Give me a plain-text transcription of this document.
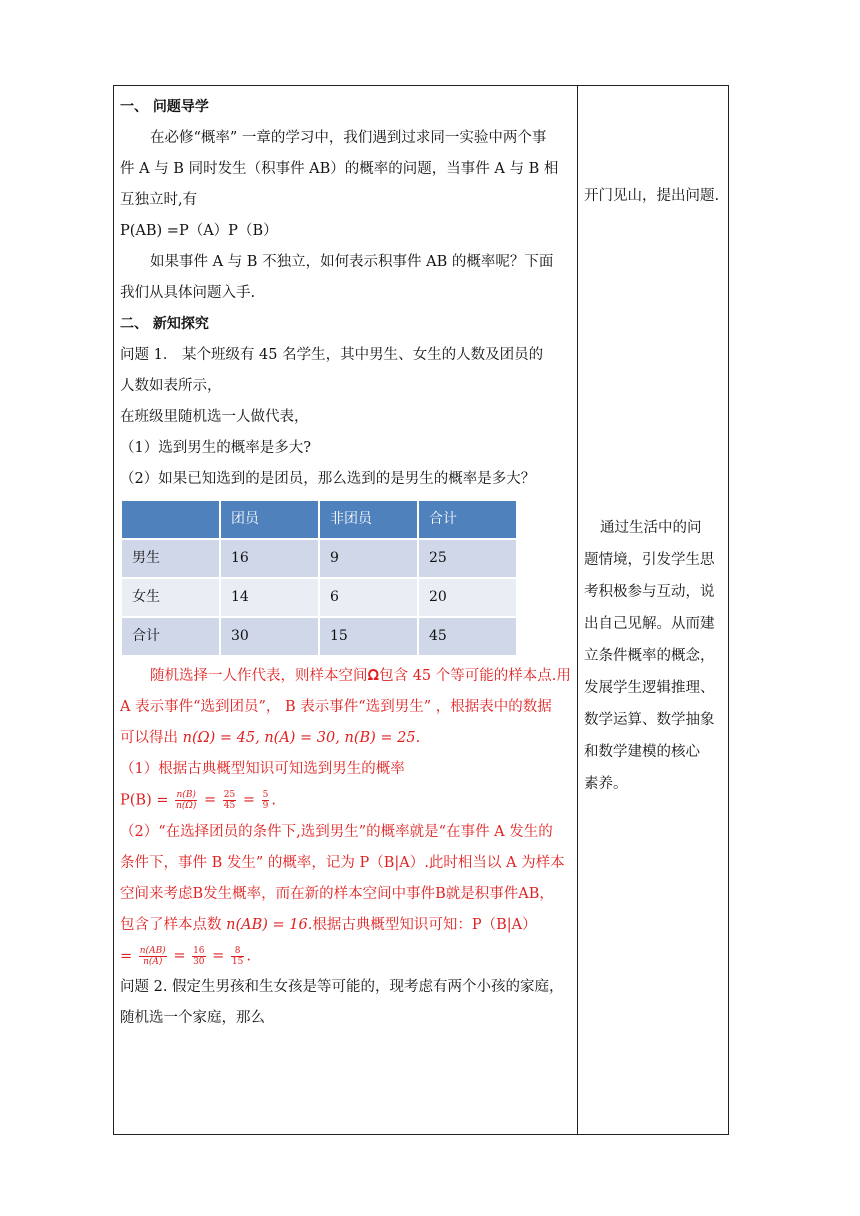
一、 问题导学
在必修“概率” 一章的学习中，我们遇到过求同一实验中两个事
件 A 与 B 同时发生（积事件 AB）的概率的问题，当事件 A 与 B 相
互独立时,有
P(AB) =P（A）P（B）
如果事件 A 与 B 不独立，如何表示积事件 AB 的概率呢？下面
我们从具体问题入手.
二、 新知探究
问题 1． 某个班级有 45 名学生，其中男生、女生的人数及团员的
人数如表所示，
在班级里随机选一人做代表，
（1）选到男生的概率是多大?
（2）如果已知选到的是团员，那么选到的是男生的概率是多大？
	团员	非团员	合计
男生	16	9	25
女生	14	6	20
合计	30	15	45
随机选择一人作代表，则样本空间𝛀包含 45 个等可能的样本点.用
A 表示事件“选到团员”， B 表示事件“选到男生” ，根据表中的数据
可以得出 𝑛(Ω) = 45, 𝑛(𝐴) = 30, 𝑛(𝐵) = 25.
（1）根据古典概型知识可知选到男生的概率
$P(B) = \frac{\text{𝑛(𝐵)}}{\text{𝑛(Ω)}} = \frac{25}{45} = \frac{5}{9}$ .
（2）“在选择团员的条件下,选到男生”的概率就是“在事件 A 发生的
条件下，事件 B 发生” 的概率，记为 P（B|A）.此时相当以 A 为样本
空间来考虑B发生概率，而在新的样本空间中事件B就是积事件AB，
包含了样本点数 𝑛(𝐴𝐵) = 16.根据古典概型知识可知：P（B|A）
= $\frac{\text{𝑛(𝐴𝐵)}}{\text{𝑛(𝐴)}} = \frac{16}{30} = \frac{8}{15}$ .
问题 2. 假定生男孩和生女孩是等可能的，现考虑有两个小孩的家庭，
随机选一个家庭，那么
开门见山，提出问题.
通过生活中的问
题情境，引发学生思
考积极参与互动，说
出自己见解。从而建
立条件概率的概念，
发展学生逻辑推理、
数学运算、数学抽象
和数学建模的核心
素养。
